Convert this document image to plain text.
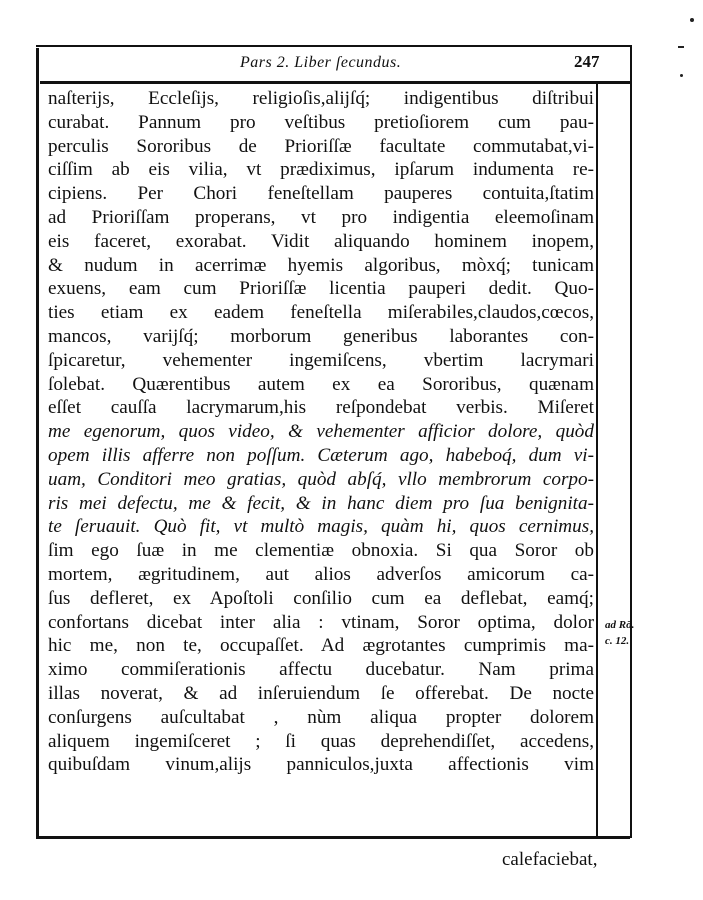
Pars 2. Liber ſecundus.	247
naſterijs, Eccleſijs, religioſis,alijſq́; indigentibus diſtribui
curabat. Pannum pro veſtibus pretioſiorem cum pau-
perculis Sororibus de Prioriſſæ facultate commutabat,vi-
ciſſim ab eis vilia, vt prædiximus, ipſarum indumenta re-
cipiens. Per Chori feneſtellam pauperes contuita,ſtatim
ad Prioriſſam properans, vt pro indigentia eleemoſinam
eis faceret, exorabat. Vidit aliquando hominem inopem,
& nudum in acerrimæ hyemis algoribus, mòxq́; tunicam
exuens, eam cum Prioriſſæ licentia pauperi dedit. Quo-
ties etiam ex eadem feneſtella miſerabiles,claudos,cœcos,
mancos, varijſq́; morborum generibus laborantes con-
ſpicaretur, vehementer ingemiſcens, vbertim lacrymari
ſolebat. Quærentibus autem ex ea Sororibus, quænam
eſſet cauſſa lacrymarum,his reſpondebat verbis. Miſeret
me egenorum, quos video, & vehementer afficior dolore, quòd
opem illis afferre non poſſum. Cæterum ago, habeboq́, dum vi-
uam, Conditori meo gratias, quòd abſq́, vllo membrorum corpo-
ris mei defectu, me & fecit, & in hanc diem pro ſua benignita-
te ſeruauit. Quò fit, vt multò magis, quàm hi, quos cernimus,
ſim ego ſuæ in me clementiæ obnoxia. Si qua Soror ob
mortem, ægritudinem, aut alios adverſos amicorum ca-
ſus defleret, ex Apoſtoli conſilio cum ea deflebat, eamq́;
confortans dicebat inter alia : vtinam, Soror optima, dolor
hic me, non te, occupaſſet. Ad ægrotantes cumprimis ma-
ximo commiſerationis affectu ducebatur. Nam prima
illas noverat, & ad inſeruiendum ſe offerebat. De nocte
conſurgens auſcultabat , nùm aliqua propter dolorem
aliquem ingemiſceret ; ſi quas deprehendiſſet, accedens,
quibuſdam vinum,alijs panniculos,juxta affectionis vim
ad Rō.
c. 12.
calefaciebat,
